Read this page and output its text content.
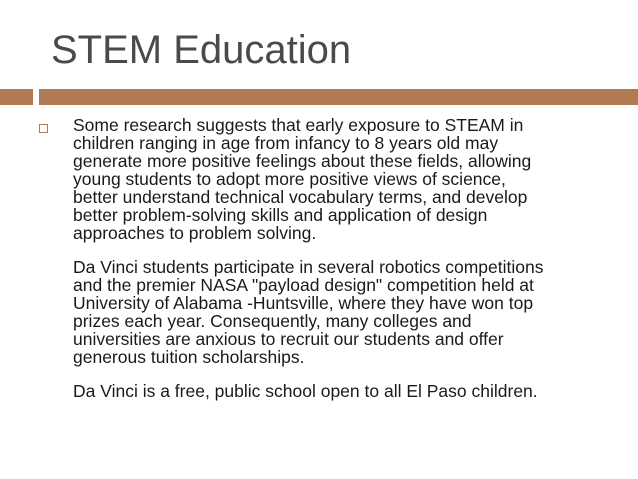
STEM Education
Some research suggests that early exposure to STEAM in
children ranging in age from infancy to 8 years old may
generate more positive feelings about these fields, allowing
young students to adopt more positive views of science,
better understand technical vocabulary terms, and develop
better problem-solving skills and application of design
approaches to problem solving.
Da Vinci students participate in several robotics competitions
and the premier NASA "payload design" competition held at
University of Alabama -Huntsville, where they have won top
prizes each year. Consequently, many colleges and
universities are anxious to recruit our students and offer
generous tuition scholarships.
Da Vinci is a free, public school open to all El Paso children.
